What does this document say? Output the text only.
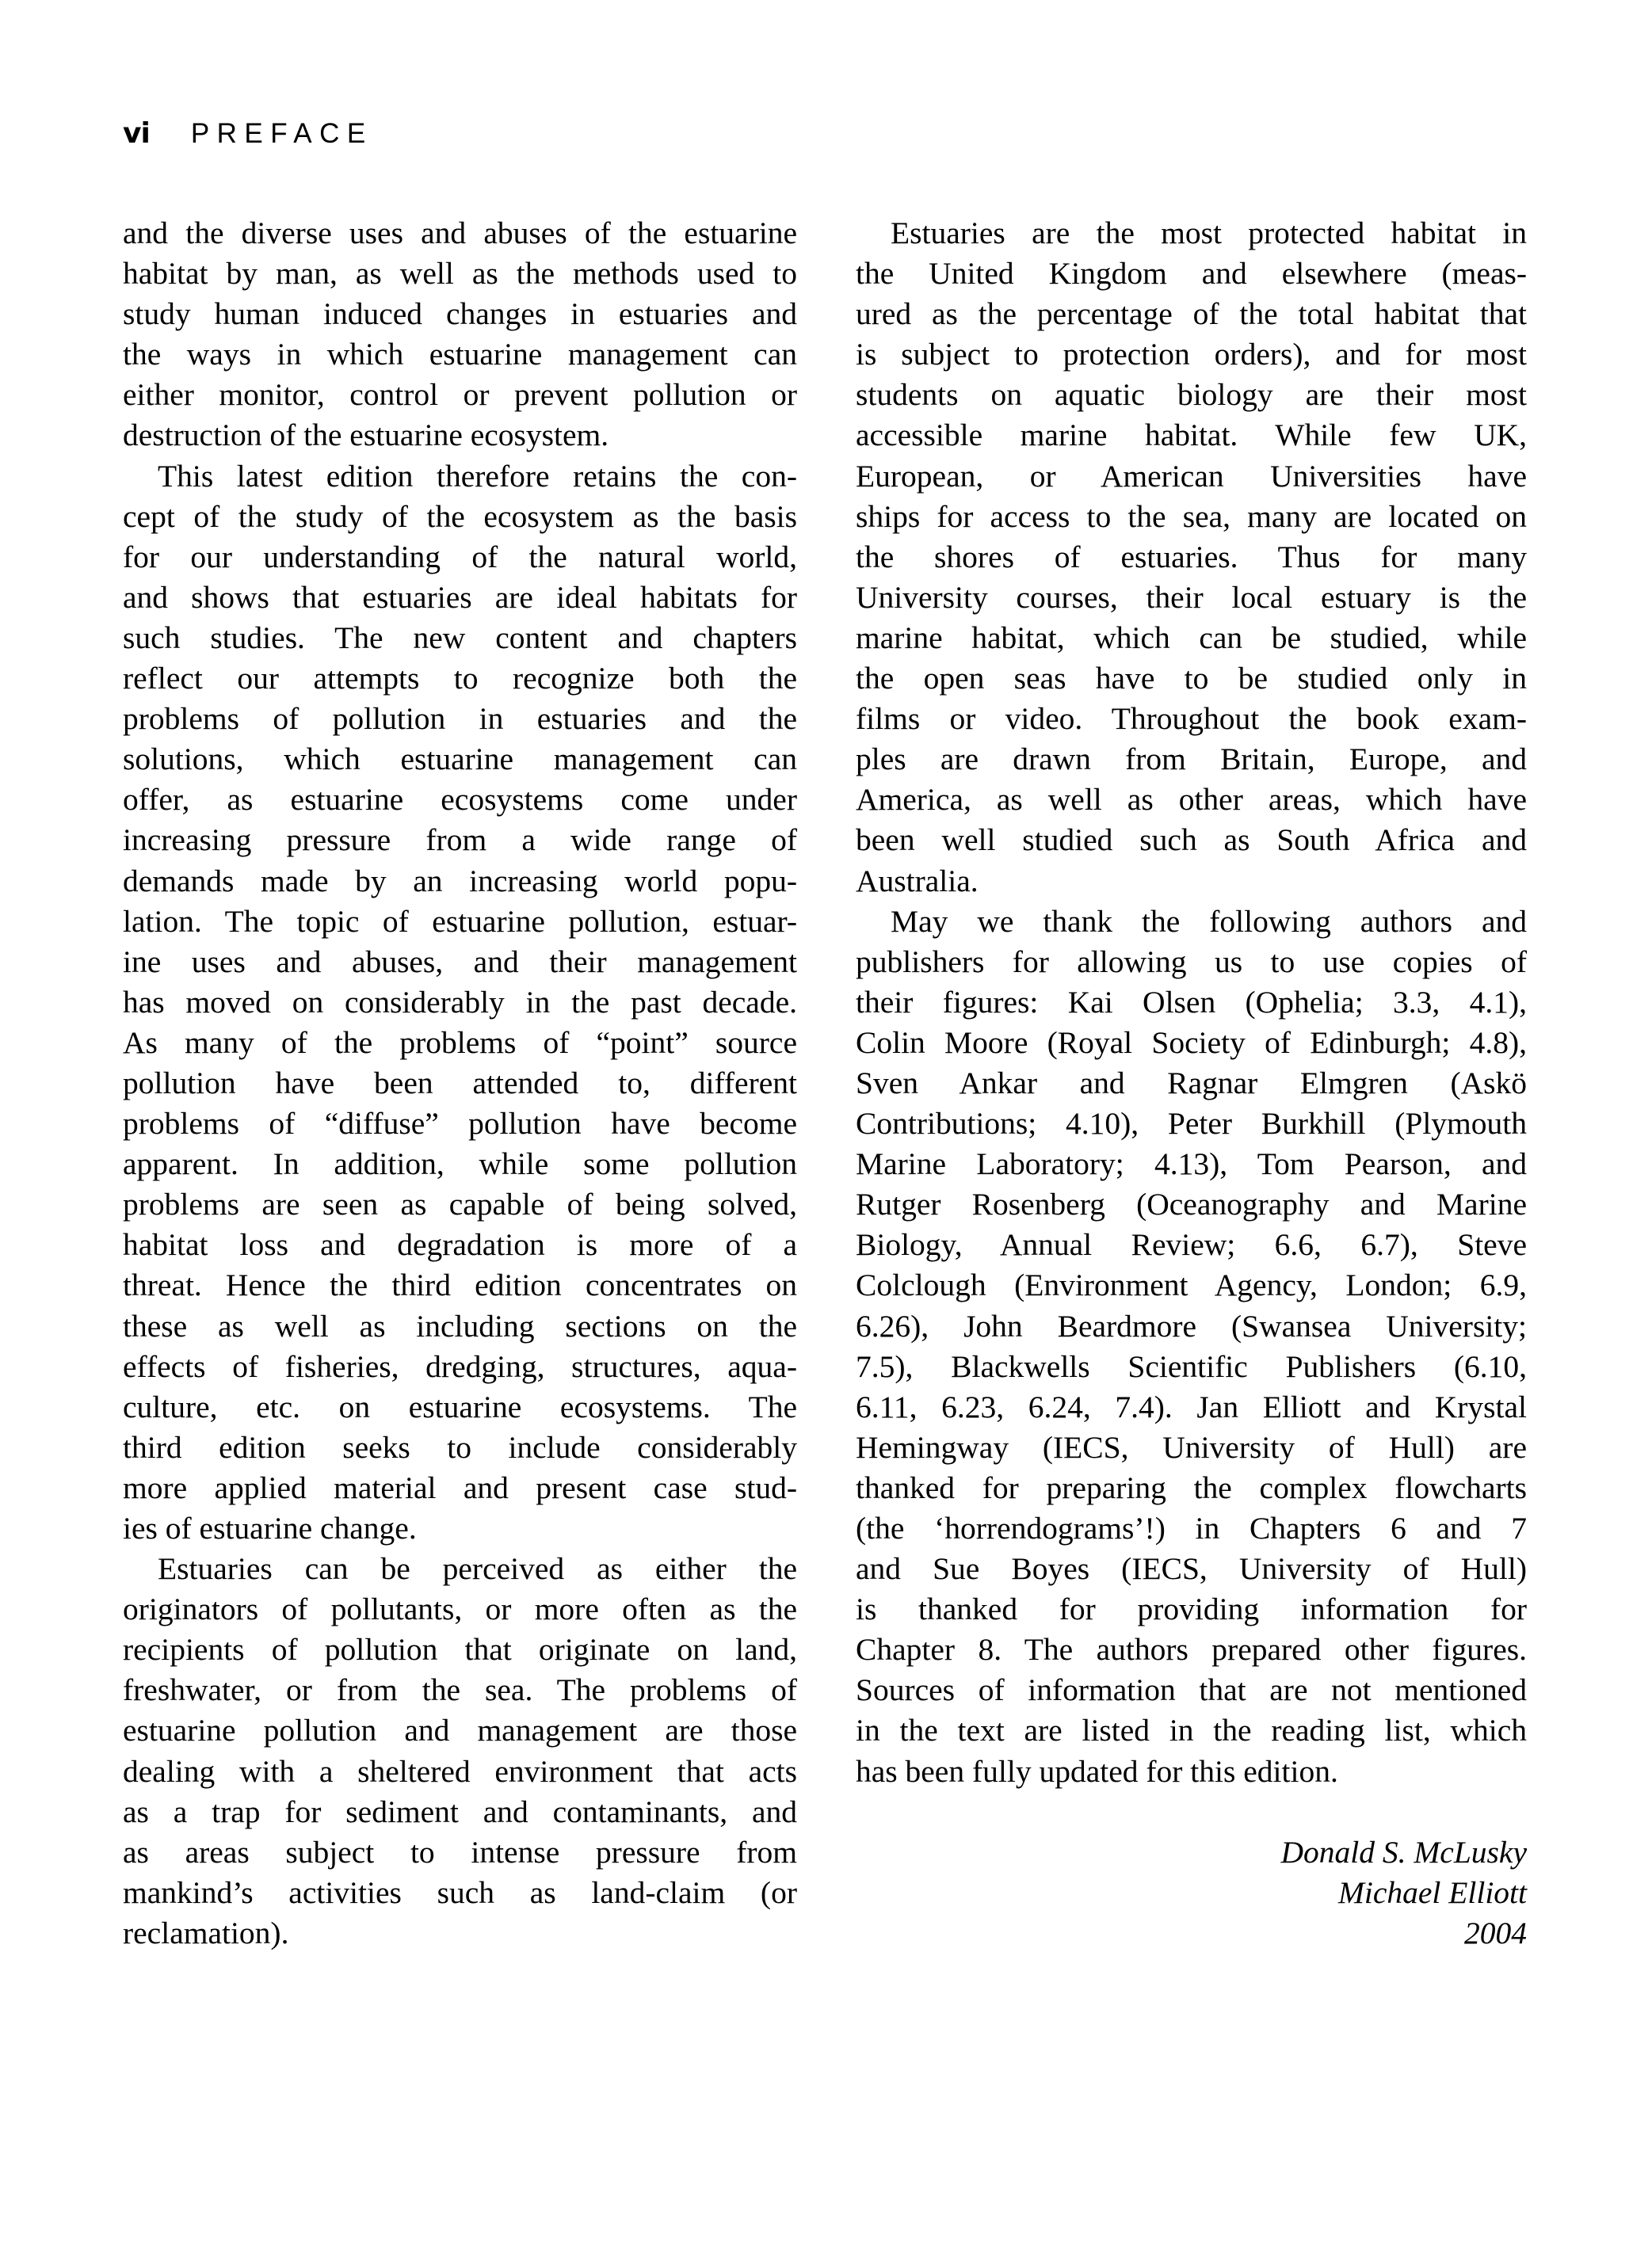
vi PREFACE
and the diverse uses and abuses of the estuarine
habitat by man, as well as the methods used to
study human induced changes in estuaries and
the ways in which estuarine management can
either monitor, control or prevent pollution or
destruction of the estuarine ecosystem.
This latest edition therefore retains the con-
cept of the study of the ecosystem as the basis
for our understanding of the natural world,
and shows that estuaries are ideal habitats for
such studies. The new content and chapters
reflect our attempts to recognize both the
problems of pollution in estuaries and the
solutions, which estuarine management can
offer, as estuarine ecosystems come under
increasing pressure from a wide range of
demands made by an increasing world popu-
lation. The topic of estuarine pollution, estuar-
ine uses and abuses, and their management
has moved on considerably in the past decade.
As many of the problems of “point” source
pollution have been attended to, different
problems of “diffuse” pollution have become
apparent. In addition, while some pollution
problems are seen as capable of being solved,
habitat loss and degradation is more of a
threat. Hence the third edition concentrates on
these as well as including sections on the
effects of fisheries, dredging, structures, aqua-
culture, etc. on estuarine ecosystems. The
third edition seeks to include considerably
more applied material and present case stud-
ies of estuarine change.
Estuaries can be perceived as either the
originators of pollutants, or more often as the
recipients of pollution that originate on land,
freshwater, or from the sea. The problems of
estuarine pollution and management are those
dealing with a sheltered environment that acts
as a trap for sediment and contaminants, and
as areas subject to intense pressure from
mankind’s activities such as land-claim (or
reclamation).
Estuaries are the most protected habitat in
the United Kingdom and elsewhere (meas-
ured as the percentage of the total habitat that
is subject to protection orders), and for most
students on aquatic biology are their most
accessible marine habitat. While few UK,
European, or American Universities have
ships for access to the sea, many are located on
the shores of estuaries. Thus for many
University courses, their local estuary is the
marine habitat, which can be studied, while
the open seas have to be studied only in
films or video. Throughout the book exam-
ples are drawn from Britain, Europe, and
America, as well as other areas, which have
been well studied such as South Africa and
Australia.
May we thank the following authors and
publishers for allowing us to use copies of
their figures: Kai Olsen (Ophelia; 3.3, 4.1),
Colin Moore (Royal Society of Edinburgh; 4.8),
Sven Ankar and Ragnar Elmgren (Askö
Contributions; 4.10), Peter Burkhill (Plymouth
Marine Laboratory; 4.13), Tom Pearson, and
Rutger Rosenberg (Oceanography and Marine
Biology, Annual Review; 6.6, 6.7), Steve
Colclough (Environment Agency, London; 6.9,
6.26), John Beardmore (Swansea University;
7.5), Blackwells Scientific Publishers (6.10,
6.11, 6.23, 6.24, 7.4). Jan Elliott and Krystal
Hemingway (IECS, University of Hull) are
thanked for preparing the complex flowcharts
(the ‘horrendograms’!) in Chapters 6 and 7
and Sue Boyes (IECS, University of Hull)
is thanked for providing information for
Chapter 8. The authors prepared other figures.
Sources of information that are not mentioned
in the text are listed in the reading list, which
has been fully updated for this edition.
Donald S. McLusky
Michael Elliott
2004
